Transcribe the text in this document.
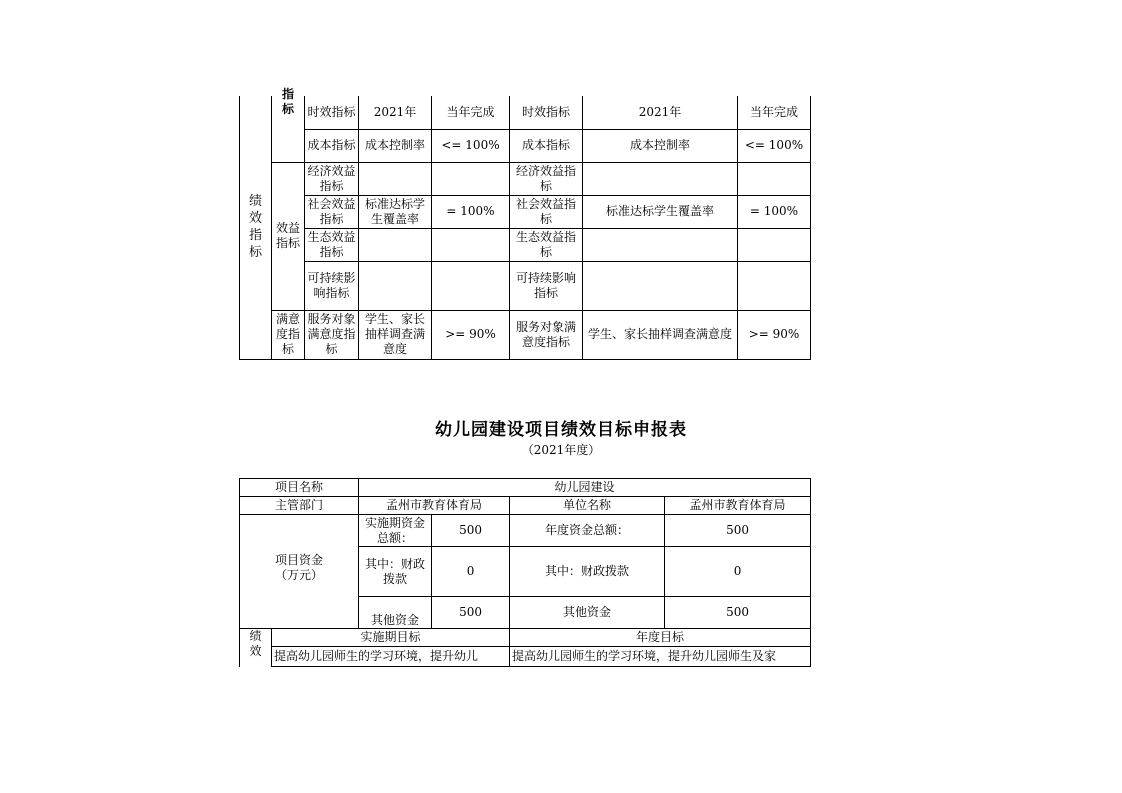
绩效指标	指标	时效指标	2021年	当年完成	时效指标	2021年	当年完成
		成本指标	成本控制率	<= 100%	成本指标	成本控制率	<= 100%
	效益指标	经济效益指标			经济效益指标		
		社会效益指标	标准达标学生覆盖率	= 100%	社会效益指标	标准达标学生覆盖率	= 100%
		生态效益指标			生态效益指标		
		可持续影响指标			可持续影响指标		
	满意度指标	服务对象满意度指标	学生、家长抽样调查满意度	>= 90%	服务对象满意度指标	学生、家长抽样调查满意度	>= 90%
幼儿园建设项目绩效目标申报表
（2021年度）
项目名称		幼儿园建设			
主管部门		孟州市教育体育局		单位名称	孟州市教育体育局
项目资金（万元）		实施期资金总额：	500	年度资金总额：	500
		其中：财政拨款	0	其中：财政拨款	0
		其他资金	500	其他资金	500
绩效	实施期目标			年度目标	
	提高幼儿园师生的学习环境，提升幼儿			提高幼儿园师生的学习环境，提升幼儿园师生及家	
